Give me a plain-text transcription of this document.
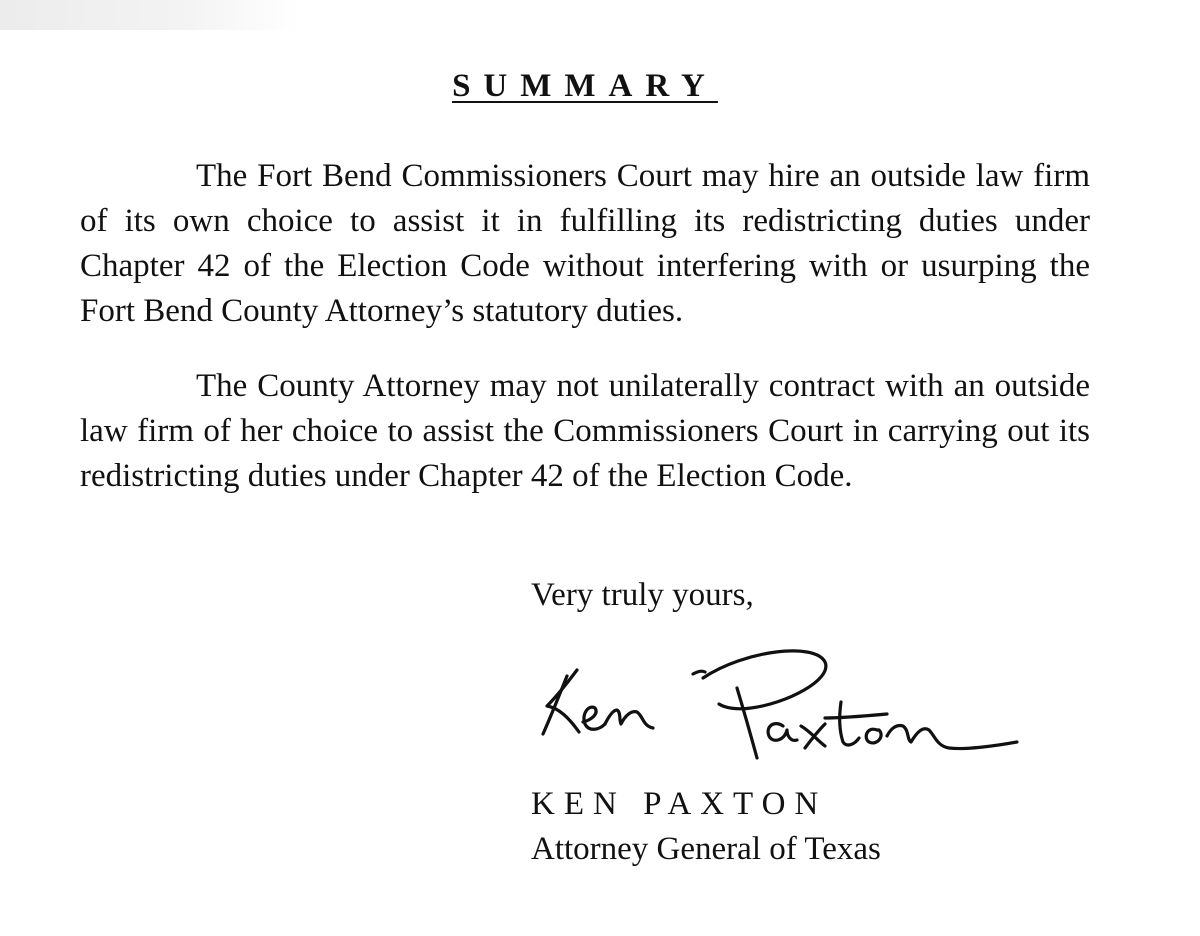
SUMMARY

The Fort Bend Commissioners Court may hire an outside law firm of its own choice to assist it in fulfilling its redistricting duties under Chapter 42 of the Election Code without interfering with or usurping the Fort Bend County Attorney’s statutory duties.

The County Attorney may not unilaterally contract with an outside law firm of her choice to assist the Commissioners Court in carrying out its redistricting duties under Chapter 42 of the Election Code.

Very truly yours,
KEN PAXTON
Attorney General of Texas
